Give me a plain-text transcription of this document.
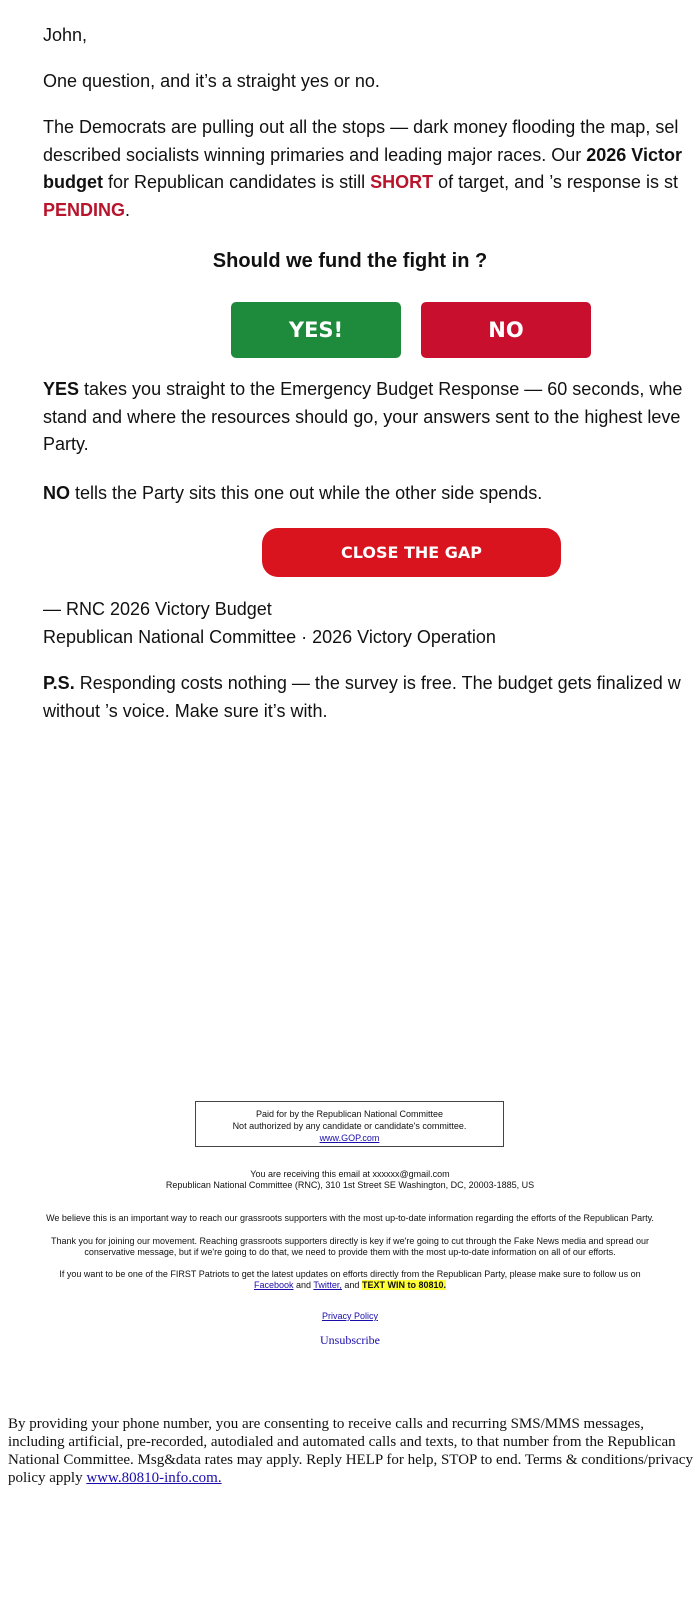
John,

One question, and it’s a straight yes or no.

The Democrats are pulling out all the stops — dark money flooding the map, sel

described socialists winning primaries and leading major races. Our 2026 Victor

budget for Republican candidates is still SHORT of target, and ’s response is st

PENDING.

Should we fund the fight in ?
YES!	NO

YES takes you straight to the Emergency Budget Response — 60 seconds, whe

stand and where the resources should go, your answers sent to the highest leve

Party.

NO tells the Party sits this one out while the other side spends.

CLOSE THE GAP

— RNC 2026 Victory Budget

Republican National Committee · 2026 Victory Operation

P.S. Responding costs nothing — the survey is free. The budget gets finalized w

without ’s voice. Make sure it’s with.

Paid for by the Republican National Committee
Not authorized by any candidate or candidate's committee.
www.GOP.com
You are receiving this email at xxxxxx@gmail.com
Republican National Committee (RNC), 310 1st Street SE Washington, DC, 20003-1885, US
We believe this is an important way to reach our grassroots supporters with the most up-to-date information regarding the efforts of the Republican Party.
Thank you for joining our movement. Reaching grassroots supporters directly is key if we're going to cut through the Fake News media and spread our
conservative message, but if we're going to do that, we need to provide them with the most up-to-date information on all of our efforts.
If you want to be one of the FIRST Patriots to get the latest updates on efforts directly from the Republican Party, please make sure to follow us on
Facebook and Twitter, and TEXT WIN to 80810.
Privacy Policy
Unsubscribe
By providing your phone number, you are consenting to receive calls and recurring SMS/MMS messages, including artificial, pre-recorded, autodialed and automated calls and texts, to that number from the Republican National Committee. Msg&data rates may apply. Reply HELP for help, STOP to end. Terms & conditions/privacy policy apply www.80810-info.com.
